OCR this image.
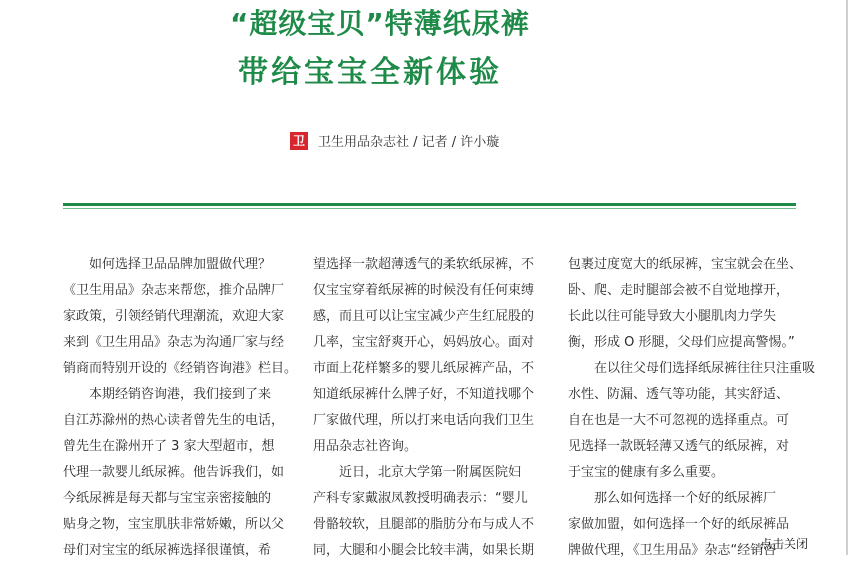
“超级宝贝”特薄纸尿裤
带给宝宝全新体验
卫 卫生用品杂志社 / 记者 / 许小璇

　　如何选择卫品品牌加盟做代理？

《卫生用品》杂志来帮您，推介品牌厂

家政策，引领经销代理潮流，欢迎大家

来到《卫生用品》杂志为沟通厂家与经

销商而特别开设的《经销咨询港》栏目。

　　本期经销咨询港，我们接到了来

自江苏滁州的热心读者曾先生的电话，

曾先生在滁州开了 3 家大型超市，想

代理一款婴儿纸尿裤。他告诉我们，如

今纸尿裤是每天都与宝宝亲密接触的

贴身之物，宝宝肌肤非常娇嫩，所以父

母们对宝宝的纸尿裤选择很谨慎，希

望选择一款超薄透气的柔软纸尿裤，不

仅宝宝穿着纸尿裤的时候没有任何束缚

感，而且可以让宝宝减少产生红屁股的

几率，宝宝舒爽开心，妈妈放心。面对

市面上花样繁多的婴儿纸尿裤产品，不

知道纸尿裤什么牌子好，不知道找哪个

厂家做代理，所以打来电话向我们卫生

用品杂志社咨询。

　　近日，北京大学第一附属医院妇

产科专家戴淑凤教授明确表示：“婴儿

骨骼较软，且腿部的脂肪分布与成人不

同，大腿和小腿会比较丰满，如果长期

包裹过度宽大的纸尿裤，宝宝就会在坐、

卧、爬、走时腿部会被不自觉地撑开，

长此以往可能导致大小腿肌肉力学失

衡，形成 O 形腿，父母们应提高警惕。”

　　在以往父母们选择纸尿裤往往只注重吸

水性、防漏、透气等功能，其实舒适、

自在也是一大不可忽视的选择重点。可

见选择一款既轻薄又透气的纸尿裤，对

于宝宝的健康有多么重要。

　　那么如何选择一个好的纸尿裤厂

家做加盟，如何选择一个好的纸尿裤品

牌做代理，《卫生用品》杂志“经销咨

点击关闭
